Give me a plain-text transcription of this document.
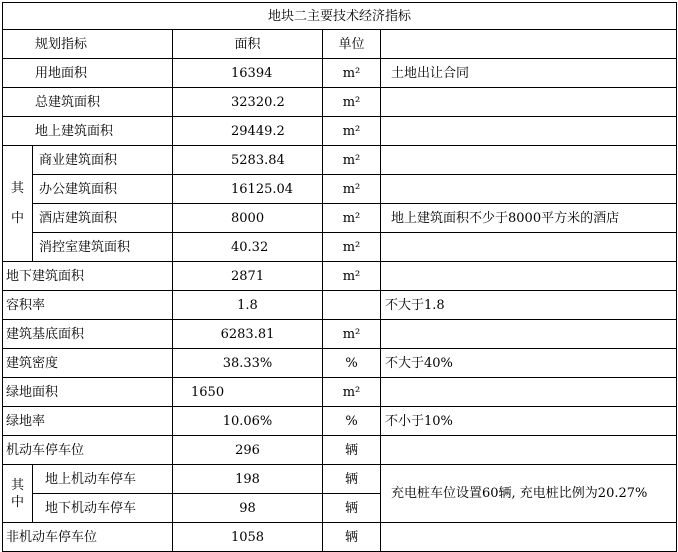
地块二主要技术经济指标				
规划指标		面积	单位	
用地面积		16394	m²	土地出让合同
总建筑面积		32320.2	m²	
地上建筑面积		29449.2	m²	
其

中	商业建筑面积	5283.84	m²	
	办公建筑面积	16125.04	m²	
	酒店建筑面积	8000	m²	地上建筑面积不少于8000平方米的酒店
	消控室建筑面积	40.32	m²	
地下建筑面积		2871	m²	
容积率		1.8		不大于1.8
建筑基底面积		6283.81	m²	
建筑密度		38.33%	%	不大于40%
绿地面积		1650	m²	
绿地率		10.06%	%	不小于10%
机动车停车位		296	辆	
其
中	地上机动车停车	198	辆	充电桩车位设置60辆, 充电桩比例为20.27%
	地下机动车停车	98	辆	
非机动车停车位		1058	辆	
